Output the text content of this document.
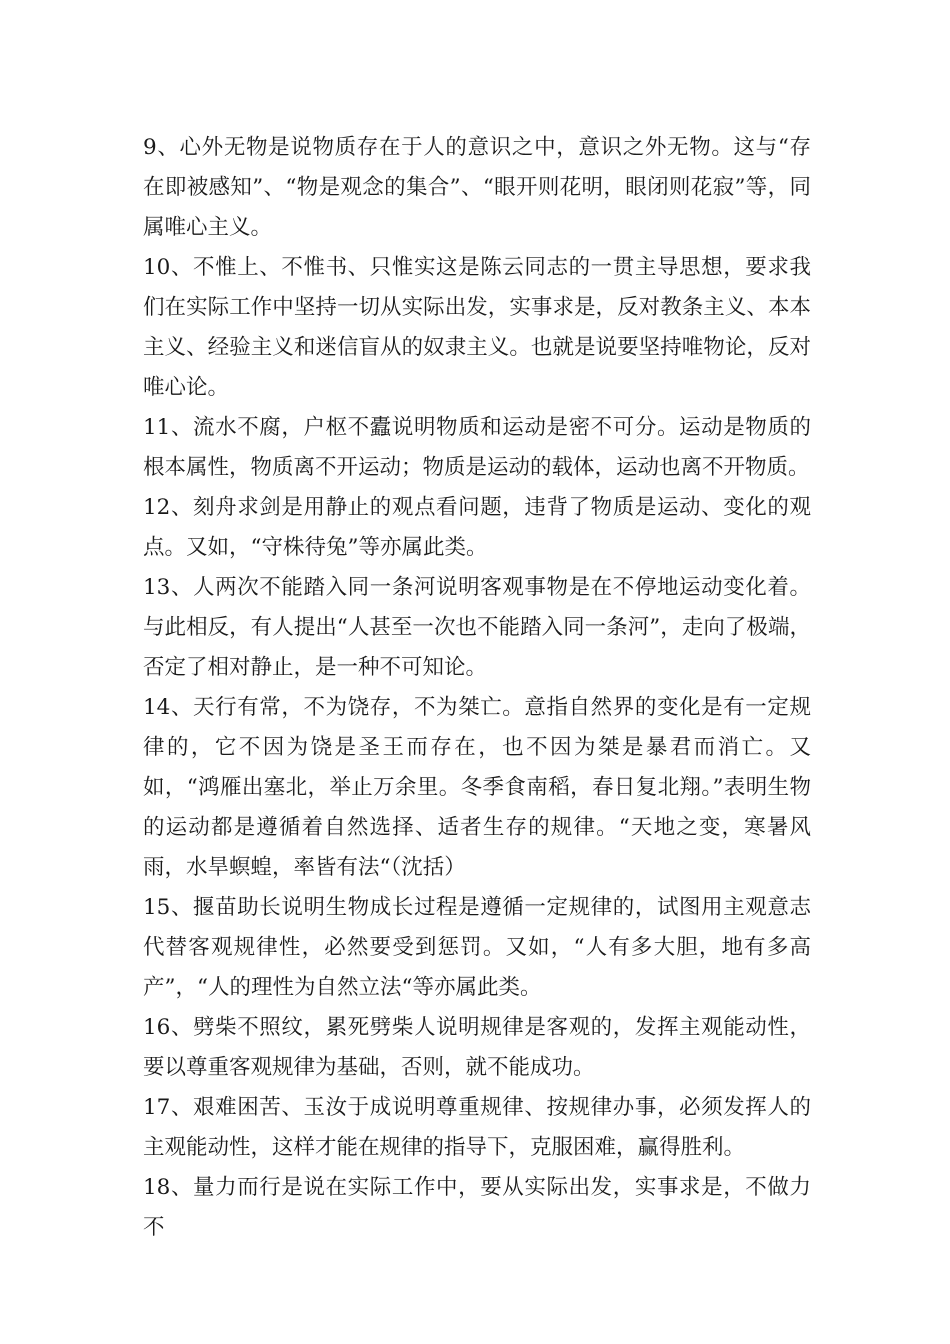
9、心外无物是说物质存在于人的意识之中，意识之外无物。这与“存在即被感知”、“物是观念的集合”、“眼开则花明，眼闭则花寂”等，同属唯心主义。

10、不惟上、不惟书、只惟实这是陈云同志的一贯主导思想，要求我们在实际工作中坚持一切从实际出发，实事求是，反对教条主义、本本主义、经验主义和迷信盲从的奴隶主义。也就是说要坚持唯物论，反对唯心论。

11、流水不腐，户枢不蠹说明物质和运动是密不可分。运动是物质的根本属性，物质离不开运动；物质是运动的载体，运动也离不开物质。

12、刻舟求剑是用静止的观点看问题，违背了物质是运动、变化的观点。又如，“守株待兔”等亦属此类。

13、人两次不能踏入同一条河说明客观事物是在不停地运动变化着。与此相反，有人提出“人甚至一次也不能踏入同一条河”，走向了极端，否定了相对静止，是一种不可知论。

14、天行有常，不为饶存，不为桀亡。意指自然界的变化是有一定规律的，它不因为饶是圣王而存在，也不因为桀是暴君而消亡。又如，“鸿雁出塞北，举止万余里。冬季食南稻，春日复北翔。”表明生物的运动都是遵循着自然选择、适者生存的规律。“天地之变，寒暑风雨，水旱螟蝗，率皆有法“（沈括）

15、揠苗助长说明生物成长过程是遵循一定规律的，试图用主观意志代替客观规律性，必然要受到惩罚。又如，“人有多大胆，地有多高产”，“人的理性为自然立法“等亦属此类。

16、劈柴不照纹，累死劈柴人说明规律是客观的，发挥主观能动性，要以尊重客观规律为基础，否则，就不能成功。

17、艰难困苦、玉汝于成说明尊重规律、按规律办事，必须发挥人的主观能动性，这样才能在规律的指导下，克服困难，赢得胜利。

18、量力而行是说在实际工作中，要从实际出发，实事求是，不做力不
